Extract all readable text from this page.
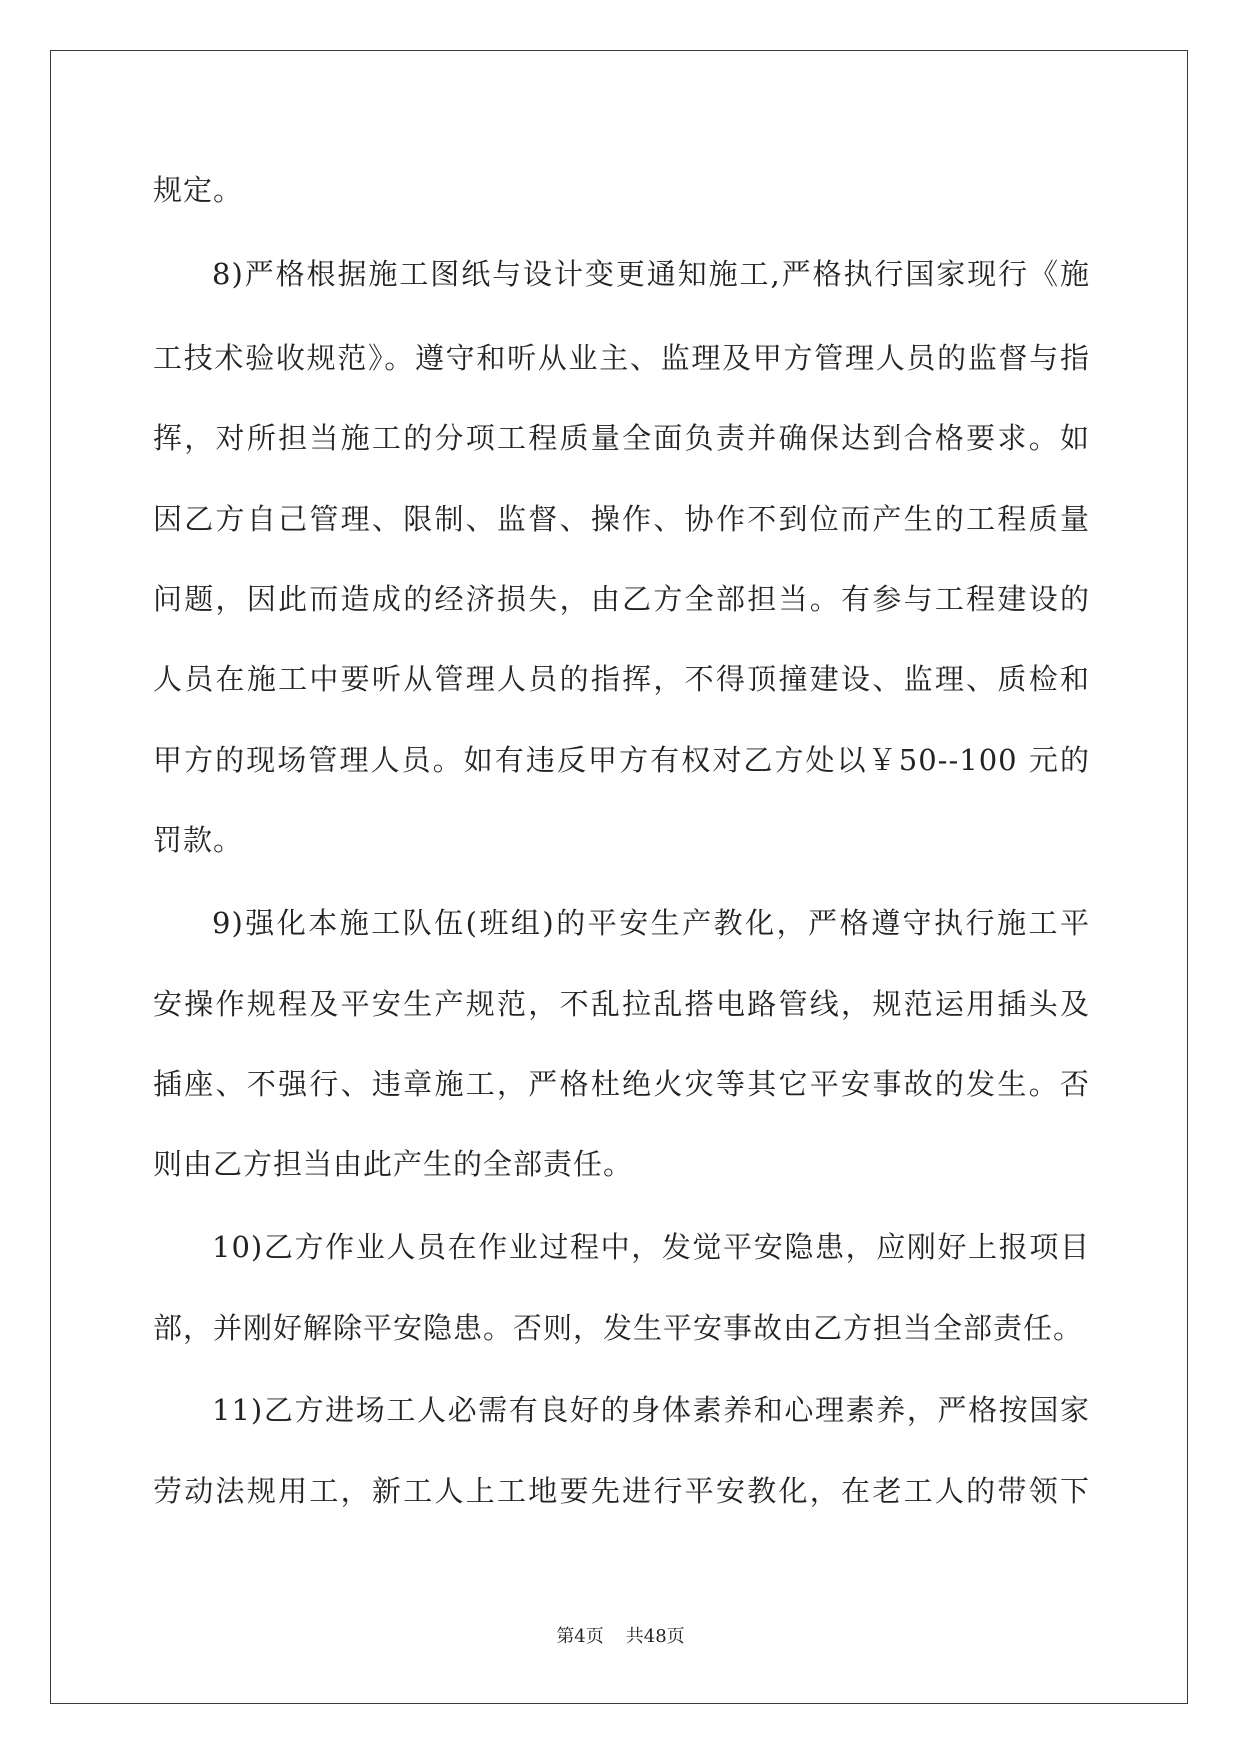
规定。
8)严格根据施工图纸与设计变更通知施工,严格执行国家现行《施
工技术验收规范》。遵守和听从业主、监理及甲方管理人员的监督与指
挥，对所担当施工的分项工程质量全面负责并确保达到合格要求。如
因乙方自己管理、限制、监督、操作、协作不到位而产生的工程质量
问题，因此而造成的经济损失，由乙方全部担当。有参与工程建设的
人员在施工中要听从管理人员的指挥，不得顶撞建设、监理、质检和
甲方的现场管理人员。如有违反甲方有权对乙方处以￥50--100 元的
罚款。
9)强化本施工队伍(班组)的平安生产教化，严格遵守执行施工平
安操作规程及平安生产规范，不乱拉乱搭电路管线，规范运用插头及
插座、不强行、违章施工，严格杜绝火灾等其它平安事故的发生。否
则由乙方担当由此产生的全部责任。
10)乙方作业人员在作业过程中，发觉平安隐患，应刚好上报项目
部，并刚好解除平安隐患。否则，发生平安事故由乙方担当全部责任。
11)乙方进场工人必需有良好的身体素养和心理素养，严格按国家
劳动法规用工，新工人上工地要先进行平安教化，在老工人的带领下
第4页 共48页
